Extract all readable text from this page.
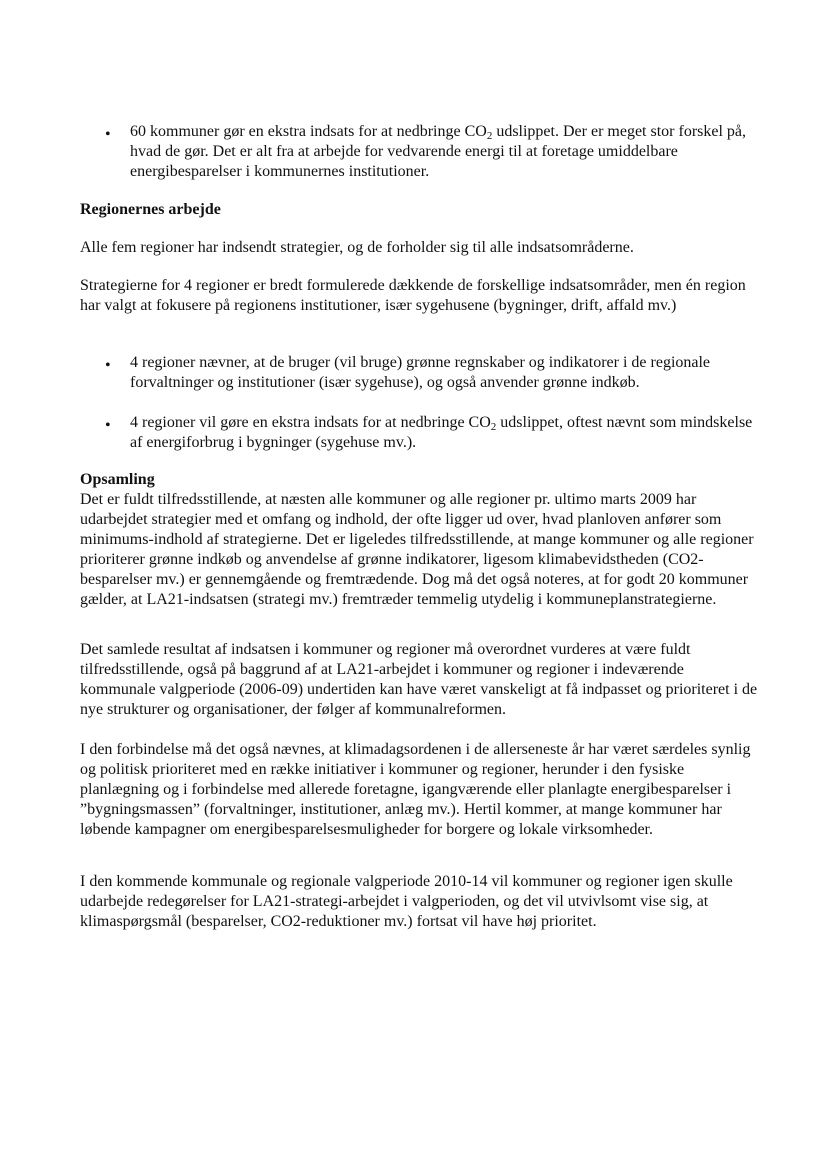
•	60 kommuner gør en ekstra indsats for at nedbringe $CO_2$ udslippet. Der er meget stor forskel på, hvad de gør. Det er alt fra at arbejde for vedvarende energi til at foretage umiddelbare energibesparelser i kommunernes institutioner.

Regionernes arbejde

Alle fem regioner har indsendt strategier, og de forholder sig til alle indsatsområderne.

Strategierne for 4 regioner er bredt formulerede dækkende de forskellige indsatsområder, men én region har valgt at fokusere på regionens institutioner, især sygehusene (bygninger, drift, affald mv.)

•	4 regioner nævner, at de bruger (vil bruge) grønne regnskaber og indikatorer i de regionale forvaltninger og institutioner (især sygehuse), og også anvender grønne indkøb.

•	4 regioner vil gøre en ekstra indsats for at nedbringe $CO_2$ udslippet, oftest nævnt som mindskelse af energiforbrug i bygninger (sygehuse mv.).

Opsamling

Det er fuldt tilfredsstillende, at næsten alle kommuner og alle regioner pr. ultimo marts 2009 har udarbejdet strategier med et omfang og indhold, der ofte ligger ud over, hvad planloven anfører som minimums-indhold af strategierne. Det er ligeledes tilfredsstillende, at mange kommuner og alle regioner prioriterer grønne indkøb og anvendelse af grønne indikatorer, ligesom klimabevidstheden (CO2-besparelser mv.) er gennemgående og fremtrædende. Dog må det også noteres, at for godt 20 kommuner gælder, at LA21-indsatsen (strategi mv.) fremtræder temmelig utydelig i kommuneplanstrategierne.

Det samlede resultat af indsatsen i kommuner og regioner må overordnet vurderes at være fuldt tilfredsstillende, også på baggrund af at LA21-arbejdet i kommuner og regioner i indeværende kommunale valgperiode (2006-09) undertiden kan have været vanskeligt at få indpasset og prioriteret i de nye strukturer og organisationer, der følger af kommunalreformen.

I den forbindelse må det også nævnes, at klimadagsordenen i de allerseneste år har været særdeles synlig og politisk prioriteret med en række initiativer i kommuner og regioner, herunder i den fysiske planlægning og i forbindelse med allerede foretagne, igangværende eller planlagte energibesparelser i ”bygningsmassen” (forvaltninger, institutioner, anlæg mv.). Hertil kommer, at mange kommuner har løbende kampagner om energibesparelsesmuligheder for borgere og lokale virksomheder.

I den kommende kommunale og regionale valgperiode 2010-14 vil kommuner og regioner igen skulle udarbejde redegørelser for LA21-strategi-arbejdet i valgperioden, og det vil utvivlsomt vise sig, at klimaspørgsmål (besparelser, CO2-reduktioner mv.) fortsat vil have høj prioritet.
